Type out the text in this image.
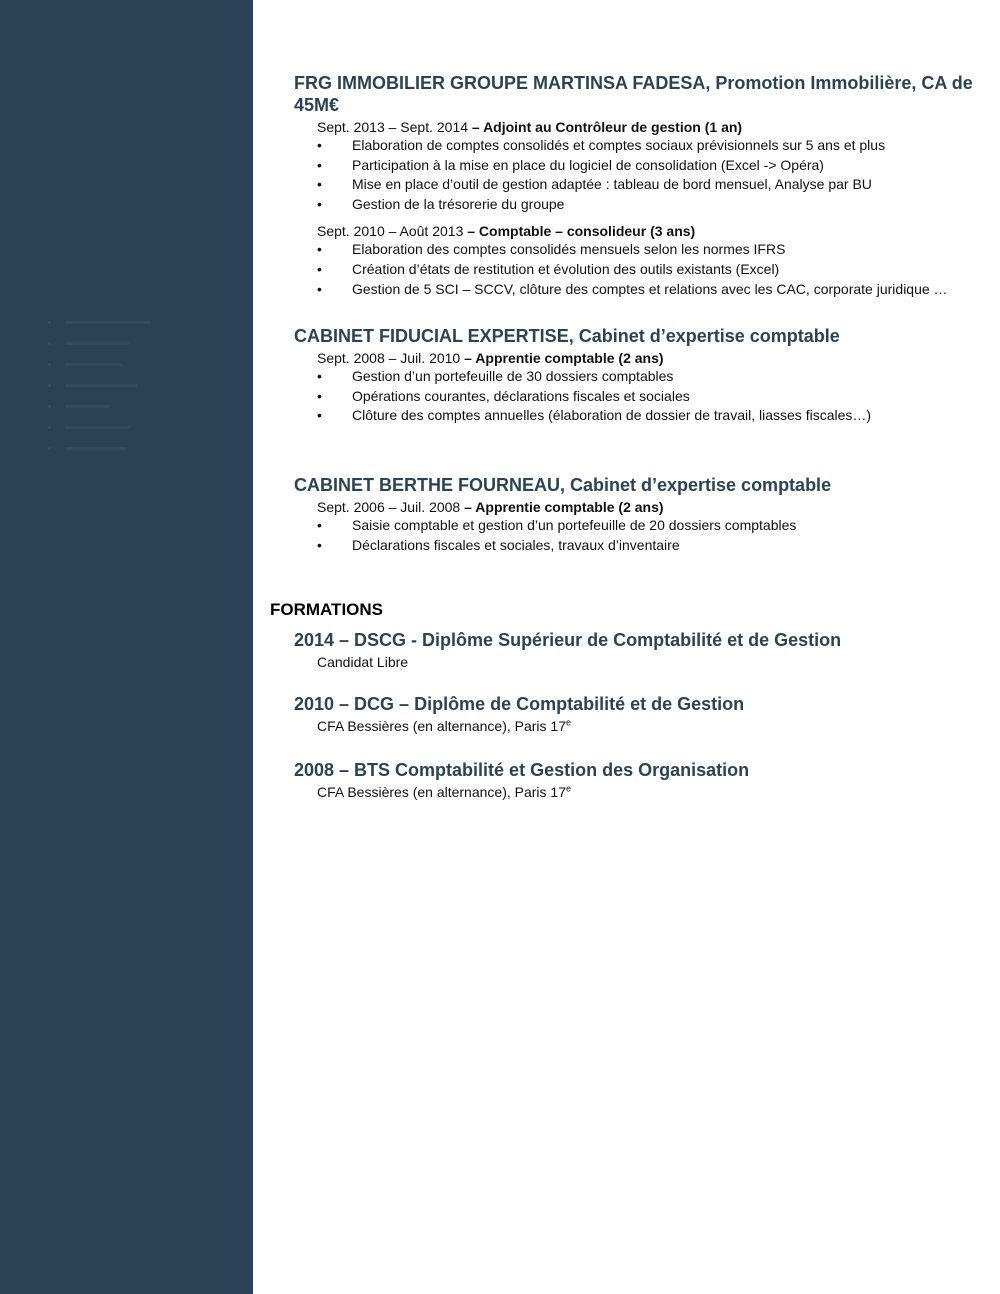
FRG IMMOBILIER GROUPE MARTINSA FADESA, Promotion Immobilière, CA de 45M€
Sept. 2013 – Sept. 2014 – Adjoint au Contrôleur de gestion (1 an)
• Elaboration de comptes consolidés et comptes sociaux prévisionnels sur 5 ans et plus
• Participation à la mise en place du logiciel de consolidation (Excel -> Opéra)
• Mise en place d’outil de gestion adaptée : tableau de bord mensuel, Analyse par BU
• Gestion de la trésorerie du groupe
Sept. 2010 – Août 2013 – Comptable – consolideur (3 ans)
• Elaboration des comptes consolidés mensuels selon les normes IFRS
• Création d’états de restitution et évolution des outils existants (Excel)
• Gestion de 5 SCI – SCCV, clôture des comptes et relations avec les CAC, corporate juridique …
CABINET FIDUCIAL EXPERTISE, Cabinet d’expertise comptable
Sept. 2008 – Juil. 2010 – Apprentie comptable (2 ans)
• Gestion d’un portefeuille de 30 dossiers comptables
• Opérations courantes, déclarations fiscales et sociales
• Clôture des comptes annuelles (élaboration de dossier de travail, liasses fiscales…)
CABINET BERTHE FOURNEAU, Cabinet d’expertise comptable
Sept. 2006 – Juil. 2008 – Apprentie comptable (2 ans)
• Saisie comptable et gestion d’un portefeuille de 20 dossiers comptables
• Déclarations fiscales et sociales, travaux d’inventaire
FORMATIONS
2014 – DSCG - Diplôme Supérieur de Comptabilité et de Gestion
Candidat Libre
2010 – DCG – Diplôme de Comptabilité et de Gestion
CFA Bessières (en alternance), Paris 17e
2008 – BTS Comptabilité et Gestion des Organisation
CFA Bessières (en alternance), Paris 17e
